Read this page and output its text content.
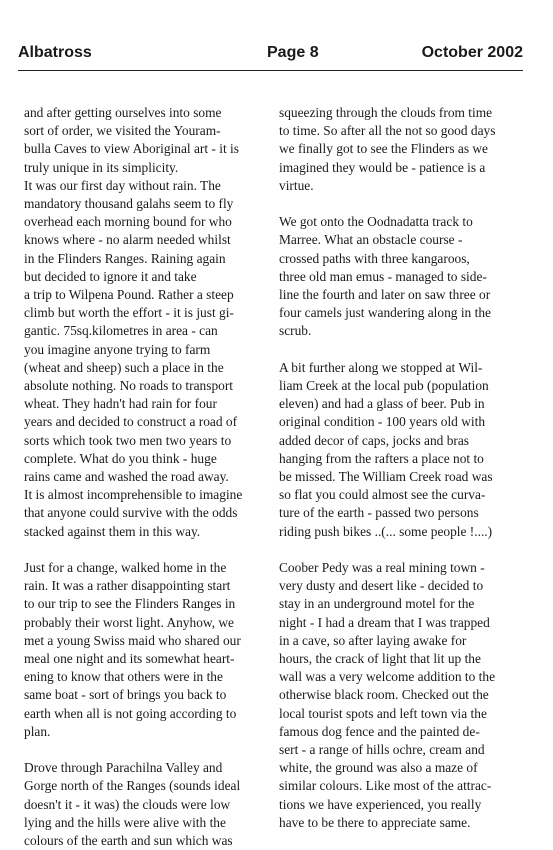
Albatross	Page 8	October 2002

and after getting ourselves into some
sort of order, we visited the Youram-
bulla Caves to view Aboriginal art - it is
truly unique in its simplicity.
It was our first day without rain. The
mandatory thousand galahs seem to fly
overhead each morning bound for who
knows where - no alarm needed whilst
in the Flinders Ranges. Raining again
but decided to ignore it and take
a trip to Wilpena Pound. Rather a steep
climb but worth the effort - it is just gi-
gantic. 75sq.kilometres in area - can
you imagine anyone trying to farm
(wheat and sheep) such a place in the
absolute nothing. No roads to transport
wheat. They hadn't had rain for four
years and decided to construct a road of
sorts which took two men two years to
complete. What do you think - huge
rains came and washed the road away.
It is almost incomprehensible to imagine
that anyone could survive with the odds
stacked against them in this way.

Just for a change, walked home in the
rain. It was a rather disappointing start
to our trip to see the Flinders Ranges in
probably their worst light. Anyhow, we
met a young Swiss maid who shared our
meal one night and its somewhat heart-
ening to know that others were in the
same boat - sort of brings you back to
earth when all is not going according to
plan.

Drove through Parachilna Valley and
Gorge north of the Ranges (sounds ideal
doesn't it - it was) the clouds were low
lying and the hills were alive with the
colours of the earth and sun which was

squeezing through the clouds from time
to time. So after all the not so good days
we finally got to see the Flinders as we
imagined they would be - patience is a
virtue.

We got onto the Oodnadatta track to
Marree. What an obstacle course -
crossed paths with three kangaroos,
three old man emus - managed to side-
line the fourth and later on saw three or
four camels just wandering along in the
scrub.

A bit further along we stopped at Wil-
liam Creek at the local pub (population
eleven) and had a glass of beer. Pub in
original condition - 100 years old with
added decor of caps, jocks and bras
hanging from the rafters a place not to
be missed. The William Creek road was
so flat you could almost see the curva-
ture of the earth - passed two persons
riding push bikes ..(... some people !....)

Coober Pedy was a real mining town -
very dusty and desert like - decided to
stay in an underground motel for the
night - I had a dream that I was trapped
in a cave, so after laying awake for
hours, the crack of light that lit up the
wall was a very welcome addition to the
otherwise black room. Checked out the
local tourist spots and left town via the
famous dog fence and the painted de-
sert - a range of hills ochre, cream and
white, the ground was also a maze of
similar colours. Like most of the attrac-
tions we have experienced, you really
have to be there to appreciate same.
